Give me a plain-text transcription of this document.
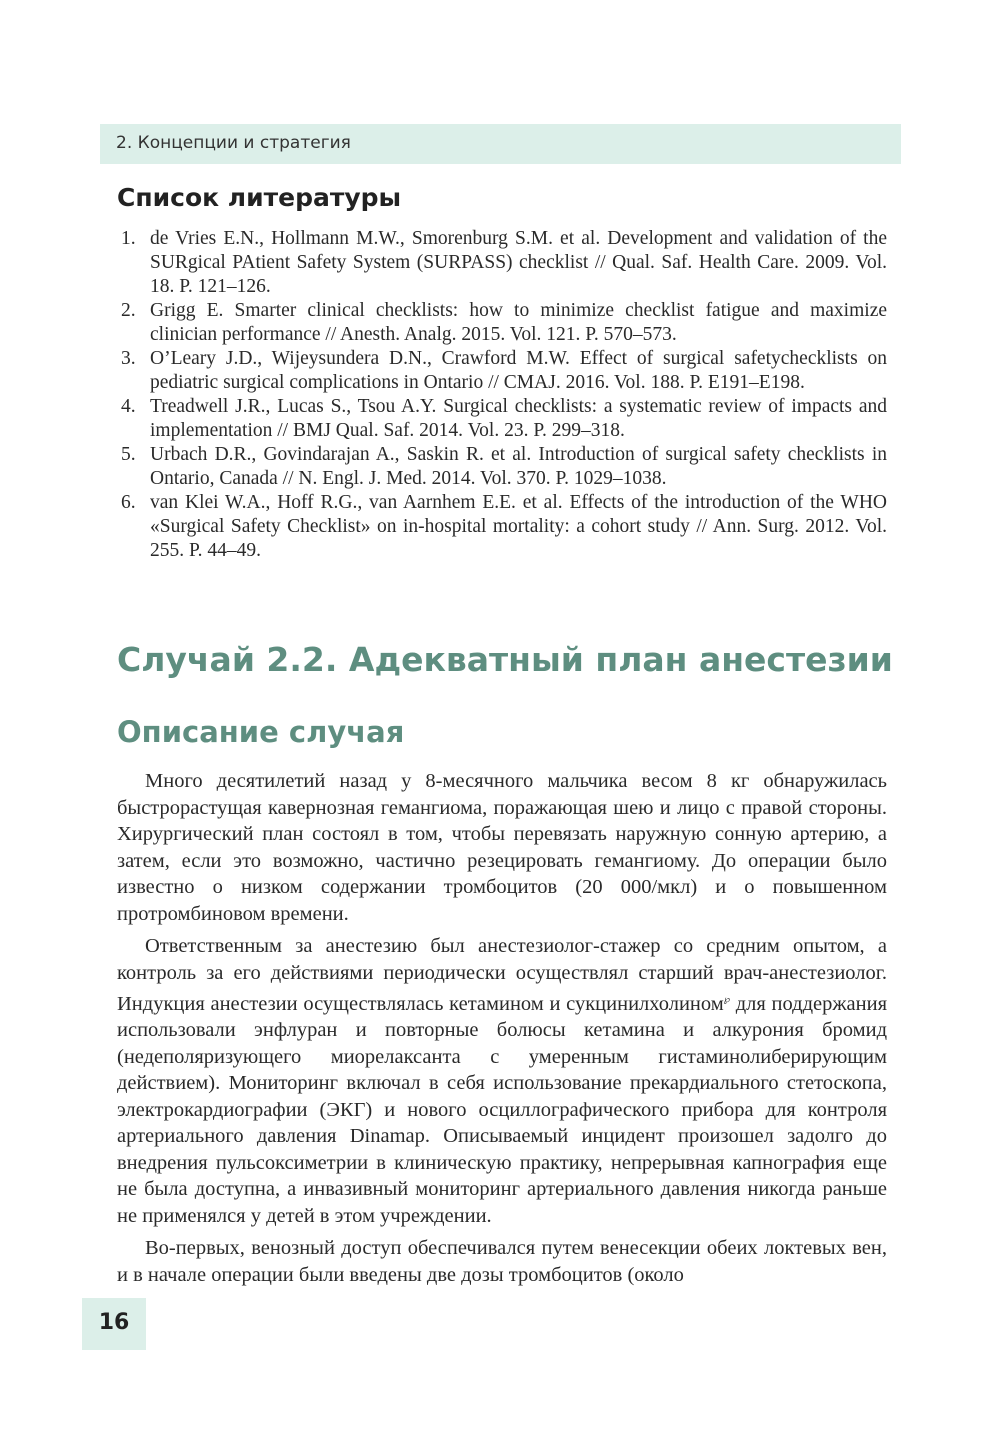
2. Концепции и стратегия
Список литературы
1. de Vries E.N., Hollmann M.W., Smorenburg S.M. et al. Development and validation of the SURgical PAtient Safety System (SURPASS) checklist // Qual. Saf. Health Care. 2009. Vol. 18. P. 121–126.
2. Grigg E. Smarter clinical checklists: how to minimize checklist fatigue and maximize clinician performance // Anesth. Analg. 2015. Vol. 121. P. 570–573.
3. O’Leary J.D., Wijeysundera D.N., Crawford M.W. Effect of surgical safetychecklists on pediatric surgical complications in Ontario // CMAJ. 2016. Vol. 188. P. E191–E198.
4. Treadwell J.R., Lucas S., Tsou A.Y. Surgical checklists: a systematic review of impacts and implementation // BMJ Qual. Saf. 2014. Vol. 23. P. 299–318.
5. Urbach D.R., Govindarajan A., Saskin R. et al. Introduction of surgical safety checklists in Ontario, Canada // N. Engl. J. Med. 2014. Vol. 370. P. 1029–1038.
6. van Klei W.A., Hoff R.G., van Aarnhem E.E. et al. Effects of the introduction of the WHO «Surgical Safety Checklist» on in-hospital mortality: a cohort study // Ann. Surg. 2012. Vol. 255. P. 44–49.
Случай 2.2. Адекватный план анестезии
Описание случая

Много десятилетий назад у 8-месячного мальчика весом 8 кг обнаружилась быстрорастущая кавернозная гемангиома, поражающая шею и лицо с правой стороны. Хирургический план состоял в том, чтобы перевязать наружную сонную артерию, а затем, если это возможно, частично резецировать гемангиому. До операции было известно о низком содержании тромбоцитов (20 000/мкл) и о повышенном протромбиновом времени.

Ответственным за анестезию был анестезиолог-стажер со средним опытом, а контроль за его действиями периодически осуществлял старший врач-анестезиолог. Индукция анестезии осуществлялась кетамином и сукцинилхолином℘ для поддержания использовали энфлуран и повторные болюсы кетамина и алкурония бромид (недеполяризующего миорелаксанта с умеренным гистаминолиберирующим действием). Мониторинг включал в себя использование прекардиального стетоскопа, электрокардиографии (ЭКГ) и нового осциллографического прибора для контроля артериального давления Dinamap. Описываемый инцидент произошел задолго до внедрения пульсоксиметрии в клиническую практику, непрерывная капнография еще не была доступна, а инвазивный мониторинг артериального давления никогда раньше не применялся у детей в этом учреждении.

Во-первых, венозный доступ обеспечивался путем венесекции обеих локтевых вен, и в начале операции были введены две дозы тромбоцитов (около

16
